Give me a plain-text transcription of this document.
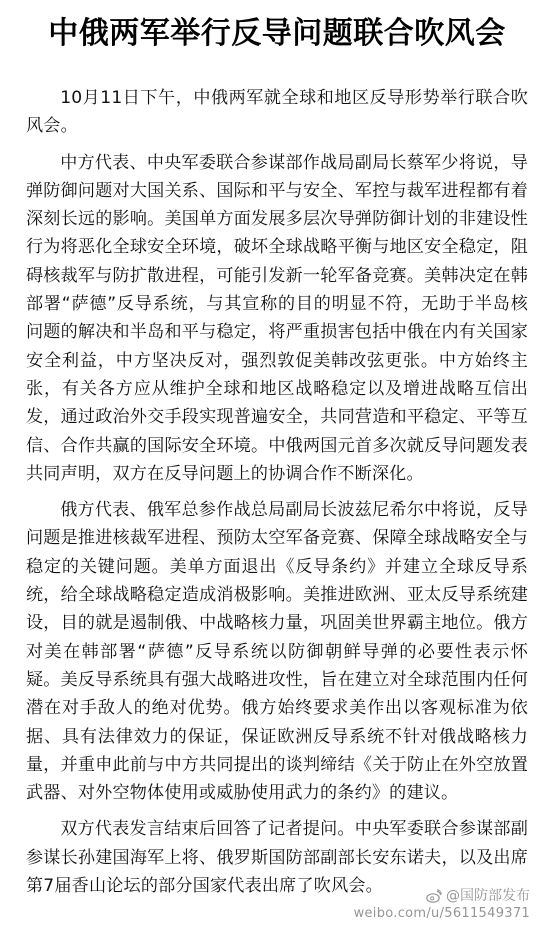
中俄两军举行反导问题联合吹风会

10月11日下午，中俄两军就全球和地区反导形势举行联合吹风会。

中方代表、中央军委联合参谋部作战局副局长蔡军少将说，导弹防御问题对大国关系、国际和平与安全、军控与裁军进程都有着深刻长远的影响。美国单方面发展多层次导弹防御计划的非建设性行为将恶化全球安全环境，破坏全球战略平衡与地区安全稳定，阻碍核裁军与防扩散进程，可能引发新一轮军备竞赛。美韩决定在韩部署“萨德”反导系统，与其宣称的目的明显不符，无助于半岛核问题的解决和半岛和平与稳定，将严重损害包括中俄在内有关国家安全利益，中方坚决反对，强烈敦促美韩改弦更张。中方始终主张，有关各方应从维护全球和地区战略稳定以及增进战略互信出发，通过政治外交手段实现普遍安全，共同营造和平稳定、平等互信、合作共赢的国际安全环境。中俄两国元首多次就反导问题发表共同声明，双方在反导问题上的协调合作不断深化。

俄方代表、俄军总参作战总局副局长波兹尼希尔中将说，反导问题是推进核裁军进程、预防太空军备竞赛、保障全球战略安全与稳定的关键问题。美单方面退出《反导条约》并建立全球反导系统，给全球战略稳定造成消极影响。美推进欧洲、亚太反导系统建设，目的就是遏制俄、中战略核力量，巩固美世界霸主地位。俄方对美在韩部署“萨德”反导系统以防御朝鲜导弹的必要性表示怀疑。美反导系统具有强大战略进攻性，旨在建立对全球范围内任何潜在对手敌人的绝对优势。俄方始终要求美作出以客观标准为依据、具有法律效力的保证，保证欧洲反导系统不针对俄战略核力量，并重申此前与中方共同提出的谈判缔结《关于防止在外空放置武器、对外空物体使用或威胁使用武力的条约》的建议。

双方代表发言结束后回答了记者提问。中央军委联合参谋部副参谋长孙建国海军上将、俄罗斯国防部副部长安东诺夫，以及出席第7届香山论坛的部分国家代表出席了吹风会。	@国防部发布
weibo.com/u/5611549371
